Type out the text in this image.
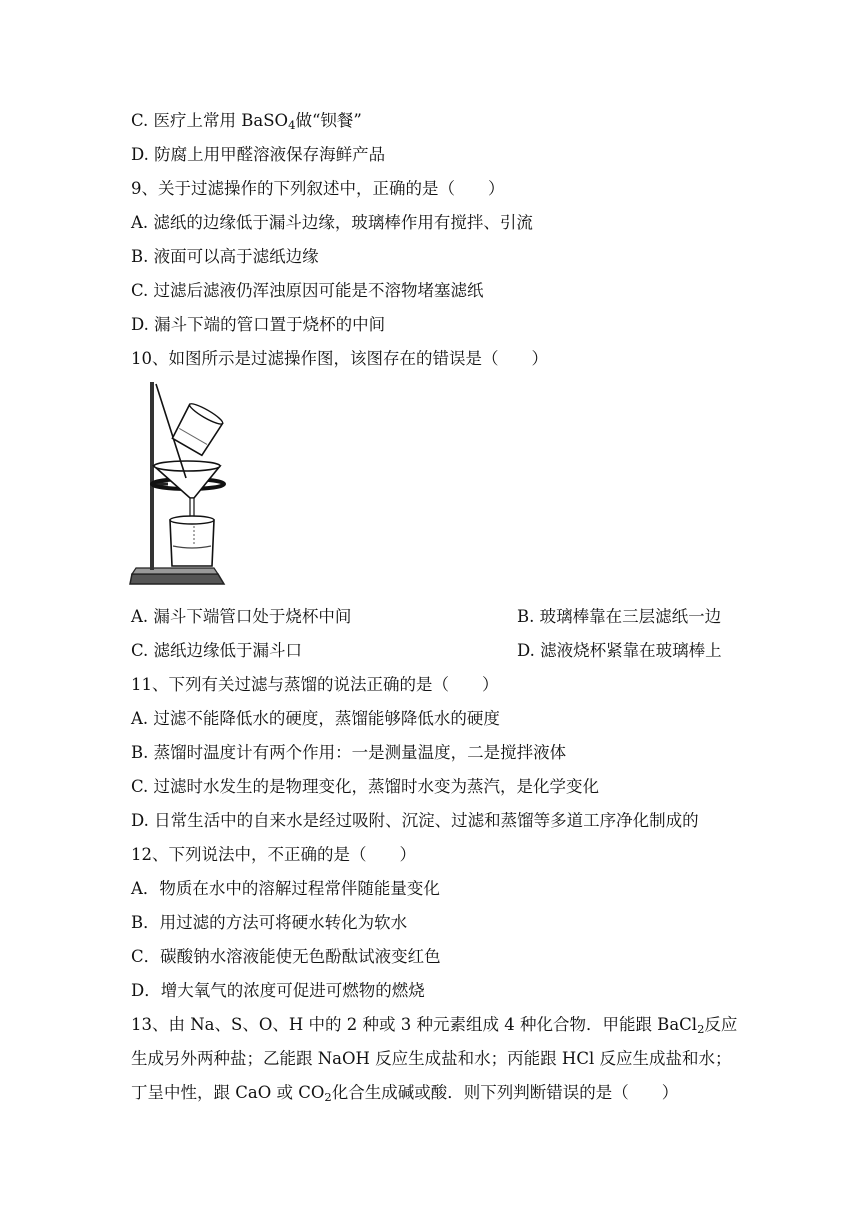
C. 医疗上常用 BaSO$_4$做“钡餐”
D. 防腐上用甲醛溶液保存海鲜产品
9、关于过滤操作的下列叙述中，正确的是（　　）
A. 滤纸的边缘低于漏斗边缘，玻璃棒作用有搅拌、引流
B. 液面可以高于滤纸边缘
C. 过滤后滤液仍浑浊原因可能是不溶物堵塞滤纸
D. 漏斗下端的管口置于烧杯的中间
10、如图所示是过滤操作图，该图存在的错误是（　　）
A. 漏斗下端管口处于烧杯中间	B. 玻璃棒靠在三层滤纸一边
C. 滤纸边缘低于漏斗口	D. 滤液烧杯紧靠在玻璃棒上
11、下列有关过滤与蒸馏的说法正确的是（　　）
A. 过滤不能降低水的硬度，蒸馏能够降低水的硬度
B. 蒸馏时温度计有两个作用：一是测量温度，二是搅拌液体
C. 过滤时水发生的是物理变化，蒸馏时水变为蒸汽，是化学变化
D. 日常生活中的自来水是经过吸附、沉淀、过滤和蒸馏等多道工序净化制成的
12、下列说法中，不正确的是（　　）
A．物质在水中的溶解过程常伴随能量变化
B．用过滤的方法可将硬水转化为软水
C．碳酸钠水溶液能使无色酚酞试液变红色
D．增大氧气的浓度可促进可燃物的燃烧
13、由 Na、S、O、H 中的 2 种或 3 种元素组成 4 种化合物．甲能跟 BaCl$_2$反应
生成另外两种盐；乙能跟 NaOH 反应生成盐和水；丙能跟 HCl 反应生成盐和水；
丁呈中性，跟 CaO 或 $CO_2$化合生成碱或酸．则下列判断错误的是（　　）
